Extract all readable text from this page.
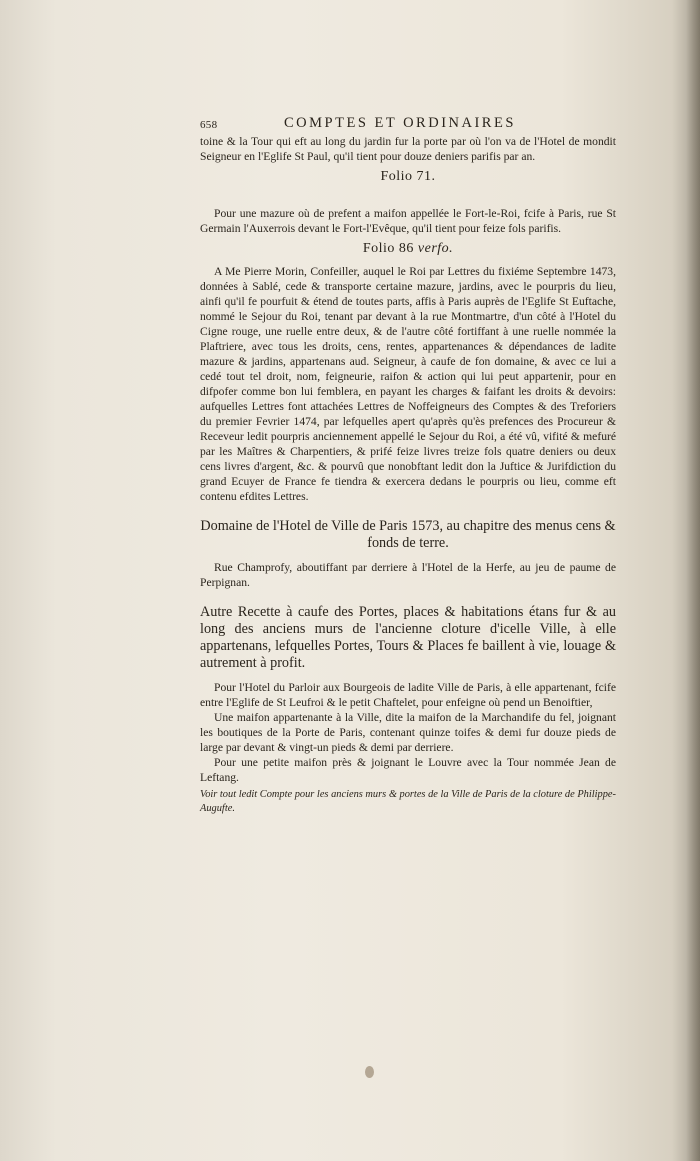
658	COMPTES ET ORDINAIRES

toine & la Tour qui eft au long du jardin fur la porte par où l'on va de l'Hotel de mondit Seigneur en l'Eglife St Paul, qu'il tient pour douze deniers parifis par an.

Folio 71.

Pour une mazure où de prefent a maifon appellée le Fort-le-Roi, fcife à Paris, rue St Germain l'Auxerrois devant le Fort-l'Evêque, qu'il tient pour feize fols parifis.

Folio 86 verfo.

A Me Pierre Morin, Confeiller, auquel le Roi par Lettres du fixiéme Septembre 1473, données à Sablé, cede & transporte certaine mazure, jardins, avec le pourpris du lieu, ainfi qu'il fe pourfuit & étend de toutes parts, affis à Paris auprès de l'Eglife St Euftache, nommé le Sejour du Roi, tenant par devant à la rue Montmartre, d'un côté à l'Hotel du Cigne rouge, une ruelle entre deux, & de l'autre côté fortiffant à une ruelle nommée la Plaftriere, avec tous les droits, cens, rentes, appartenances & dépendances de ladite mazure & jardins, appartenans aud. Seigneur, à caufe de fon domaine, & avec ce lui a cedé tout tel droit, nom, feigneurie, raifon & action qui lui peut appartenir, pour en difpofer comme bon lui femblera, en payant les charges & faifant les droits & devoirs: aufquelles Lettres font attachées Lettres de Noffeigneurs des Comptes & des Treforiers du premier Fevrier 1474, par lefquelles apert qu'après qu'ès prefences des Procureur & Receveur ledit pourpris anciennement appellé le Sejour du Roi, a été vû, vifité & mefuré par les Maîtres & Charpentiers, & prifé feize livres treize fols quatre deniers ou deux cens livres d'argent, &c. & pourvû que nonobftant ledit don la Juftice & Jurifdiction du grand Ecuyer de France fe tiendra & exercera dedans le pourpris ou lieu, comme eft contenu efdites Lettres.

Domaine de l'Hotel de Ville de Paris 1573, au chapitre des menus cens & fonds de terre.

Rue Champrofy, aboutiffant par derriere à l'Hotel de la Herfe, au jeu de paume de Perpignan.

Autre Recette à caufe des Portes, places & habitations étans fur & au long des anciens murs de l'ancienne cloture d'icelle Ville, à elle appartenans, lefquelles Portes, Tours & Places fe baillent à vie, louage & autrement à profit.

Pour l'Hotel du Parloir aux Bourgeois de ladite Ville de Paris, à elle appartenant, fcife entre l'Eglife de St Leufroi & le petit Chaftelet, pour enfeigne où pend un Benoiftier,

Une maifon appartenante à la Ville, dite la maifon de la Marchandife du fel, joignant les boutiques de la Porte de Paris, contenant quinze toifes & demi fur douze pieds de large par devant & vingt-un pieds & demi par derriere.

Pour une petite maifon près & joignant le Louvre avec la Tour nommée Jean de Leftang.

Voir tout ledit Compte pour les anciens murs & portes de la Ville de Paris de la cloture de Philippe-Augufte.
